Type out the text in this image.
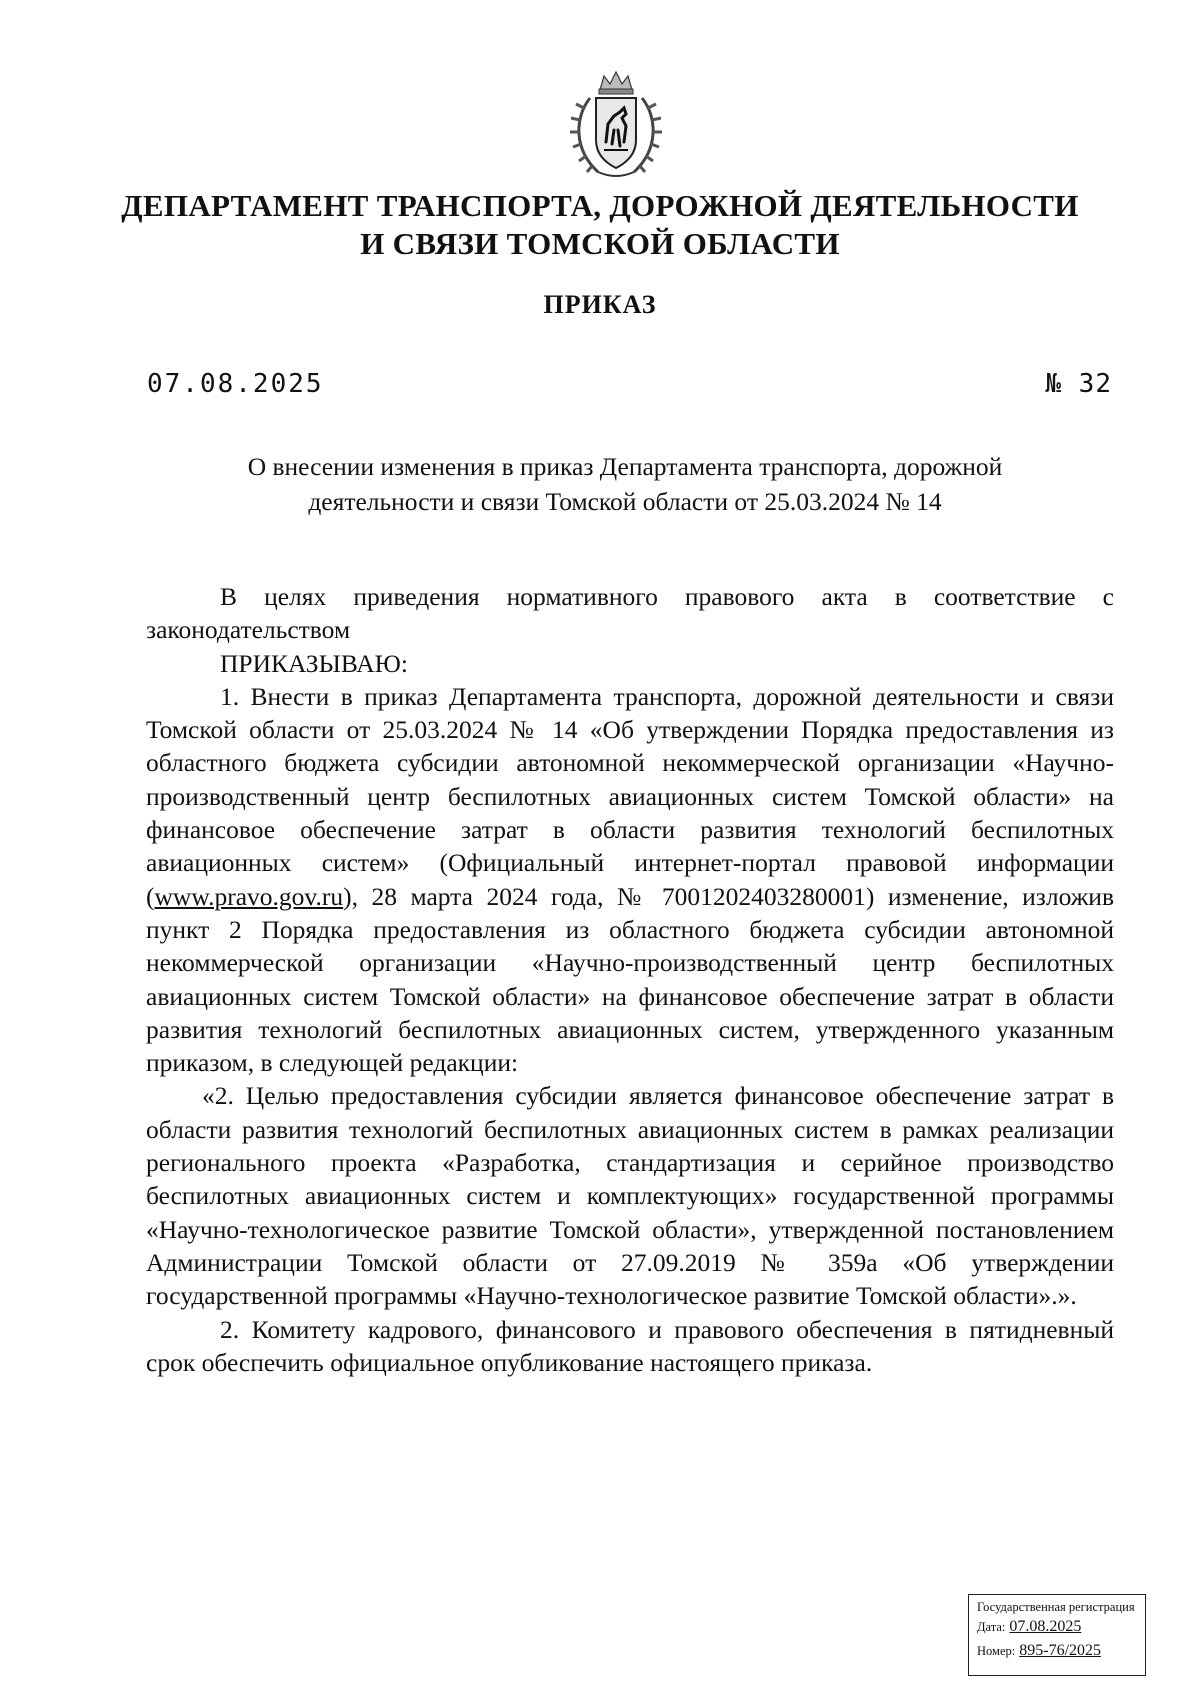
ДЕПАРТАМЕНТ ТРАНСПОРТА, ДОРОЖНОЙ ДЕЯТЕЛЬНОСТИ
И СВЯЗИ ТОМСКОЙ ОБЛАСТИ
ПРИКАЗ
07.08.2025	№ 32
О внесении изменения в приказ Департамента транспорта, дорожной
деятельности и связи Томской области от 25.03.2024 № 14

В целях приведения нормативного правового акта в соответствие с законодательством

ПРИКАЗЫВАЮ:

1. Внести в приказ Департамента транспорта, дорожной деятельности и связи Томской области от 25.03.2024 № 14 «Об утверждении Порядка предоставления из областного бюджета субсидии автономной некоммерческой организации «Научно-производственный центр беспилотных авиационных систем Томской области» на финансовое обеспечение затрат в области развития технологий беспилотных авиационных систем» (Официальный интернет-портал правовой информации (www.pravo.gov.ru), 28 марта 2024 года, № 7001202403280001) изменение, изложив пункт 2 Порядка предоставления из областного бюджета субсидии автономной некоммерческой организации «Научно-производственный центр беспилотных авиационных систем Томской области» на финансовое обеспечение затрат в области развития технологий беспилотных авиационных систем, утвержденного указанным приказом, в следующей редакции:

«2. Целью предоставления субсидии является финансовое обеспечение затрат в области развития технологий беспилотных авиационных систем в рамках реализации регионального проекта «Разработка, стандартизация и серийное производство беспилотных авиационных систем и комплектующих» государственной программы «Научно-технологическое развитие Томской области», утвержденной постановлением Администрации Томской области от 27.09.2019 № 359а «Об утверждении государственной программы «Научно-технологическое развитие Томской области».».

2. Комитету кадрового, финансового и правового обеспечения в пятидневный срок обеспечить официальное опубликование настоящего приказа.

Государственная регистрация
Дата: 07.08.2025
Номер: 895-76/2025
